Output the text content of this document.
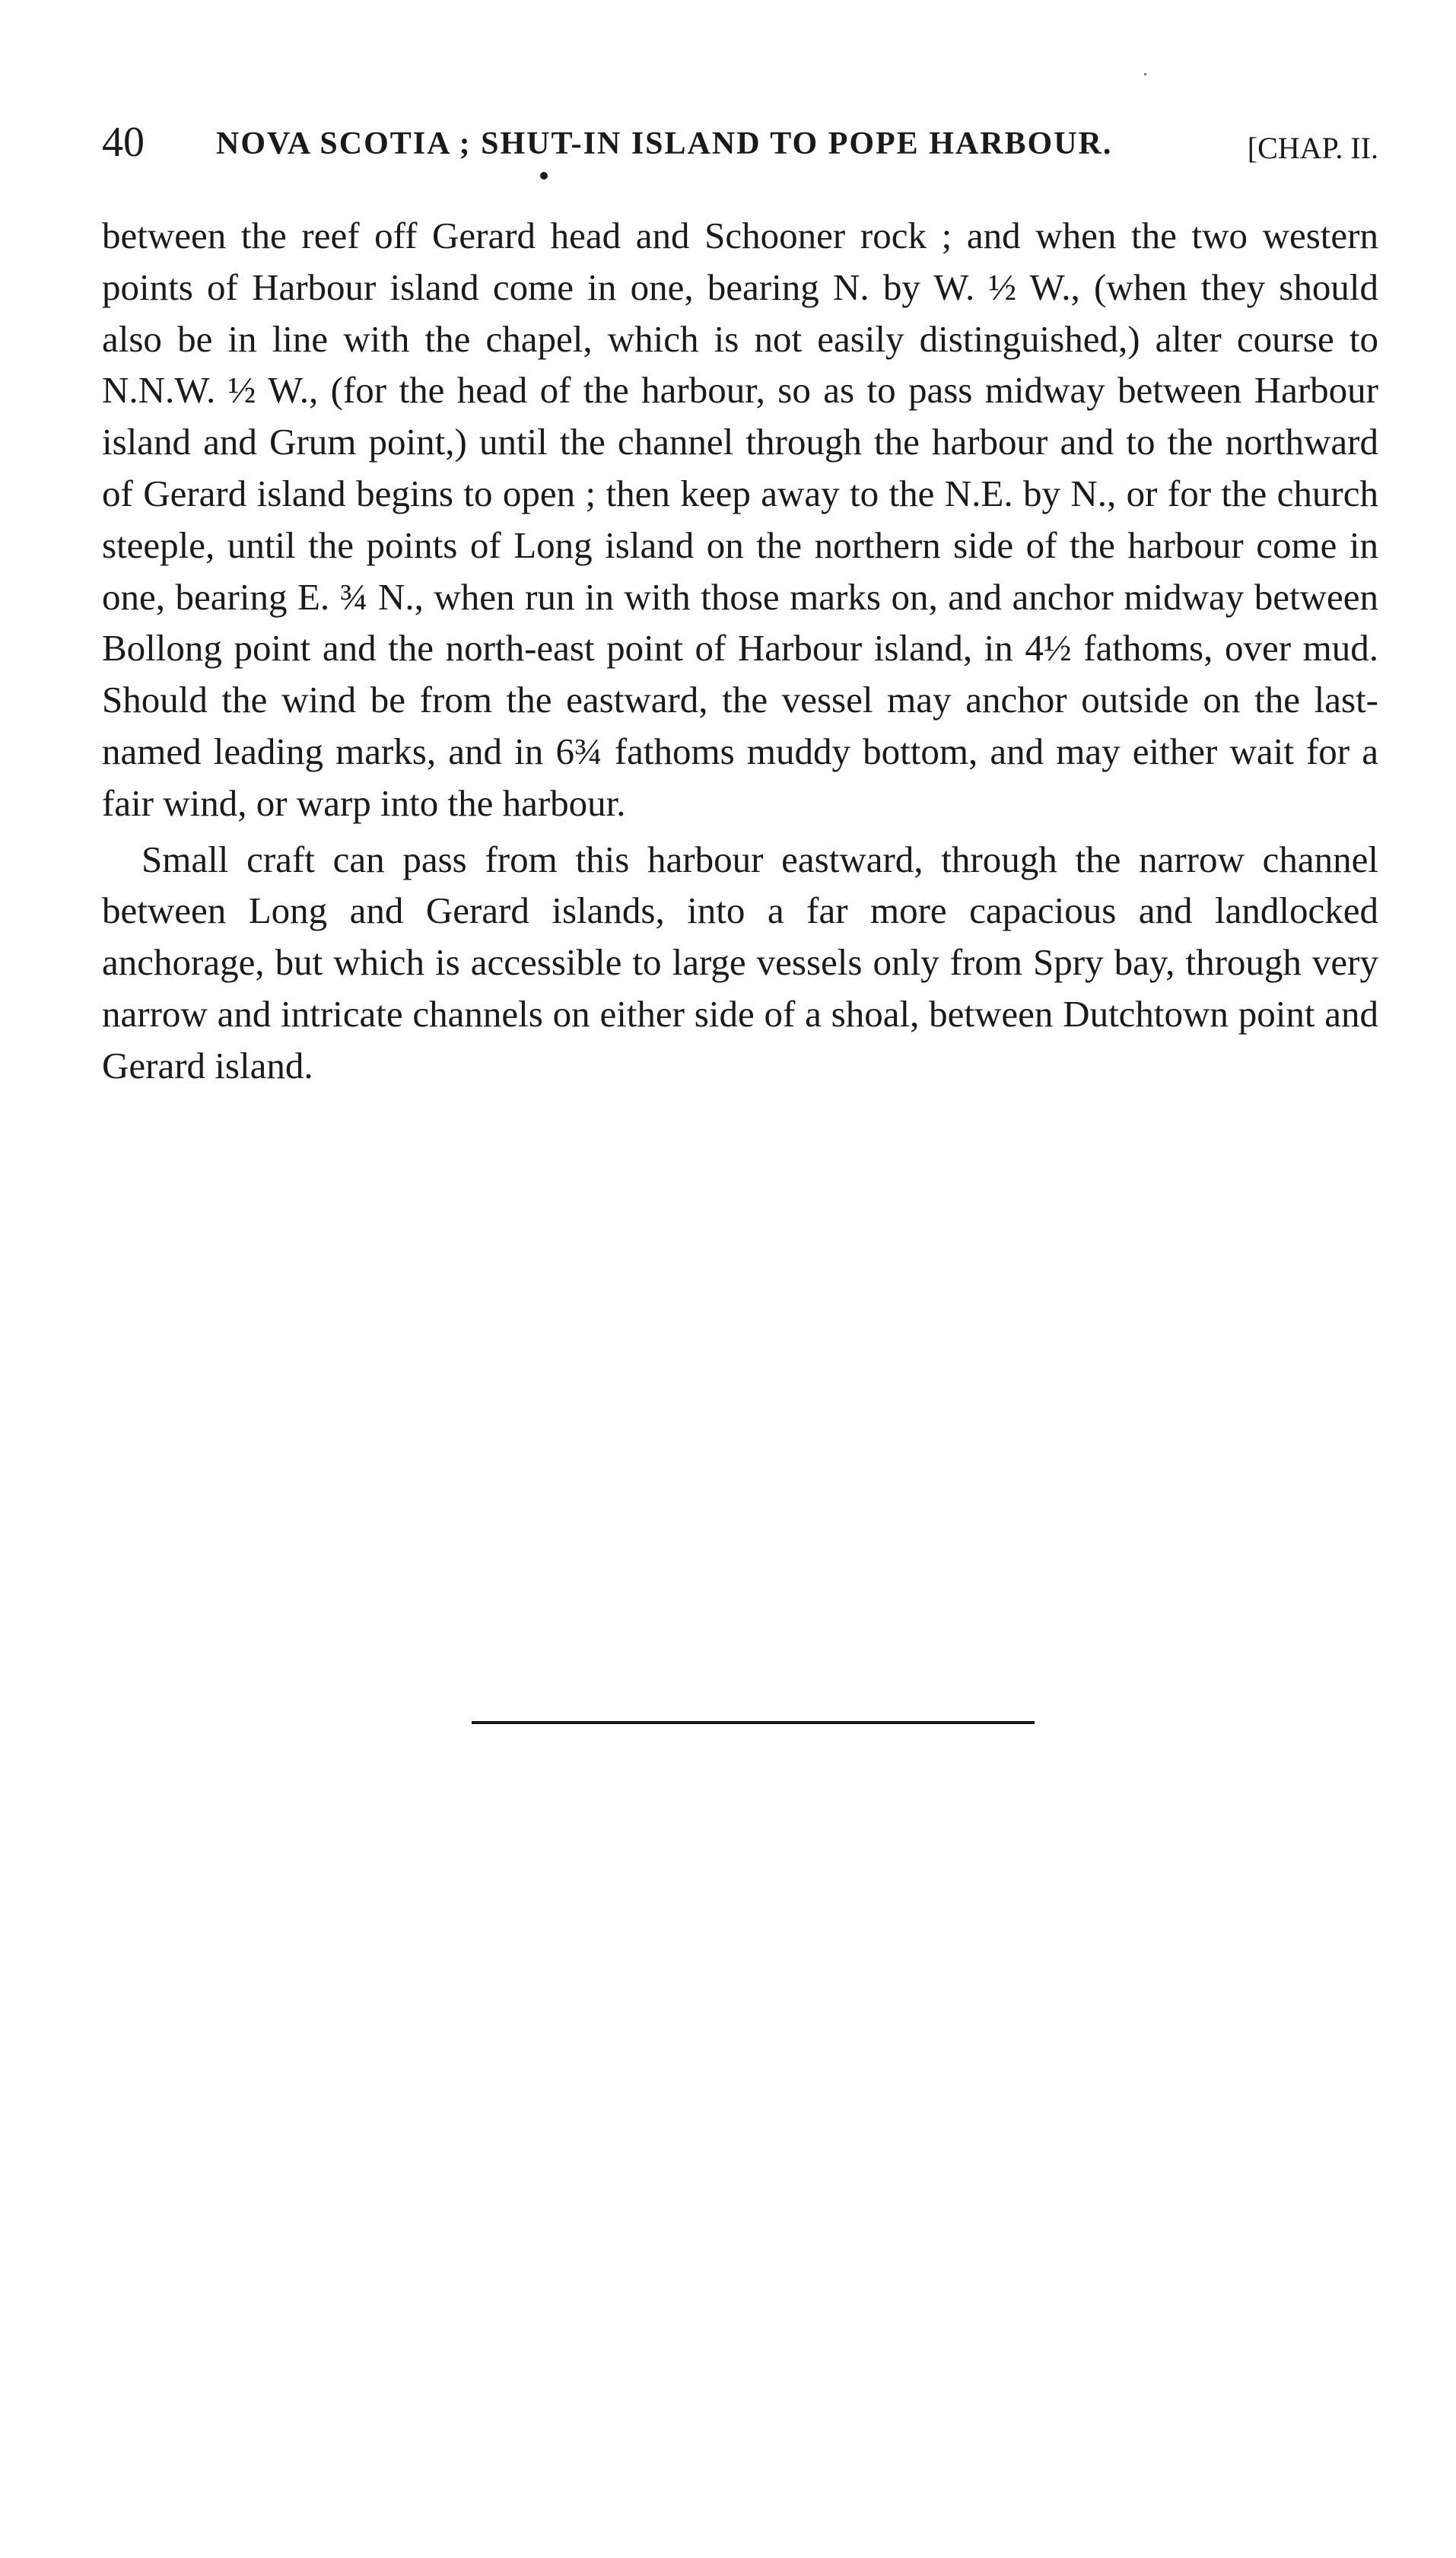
40 NOVA SCOTIA ; SHUT-IN ISLAND TO POPE HARBOUR.	[CHAP. II.

between the reef off Gerard head and Schooner rock ; and when the two western points of Harbour island come in one, bearing N. by W. ½ W., (when they should also be in line with the chapel, which is not easily distinguished,) alter course to N.N.W. ½ W., (for the head of the harbour, so as to pass midway between Harbour island and Grum point,) until the channel through the harbour and to the northward of Gerard island begins to open ; then keep away to the N.E. by N., or for the church steeple, until the points of Long island on the northern side of the harbour come in one, bearing E. ¾ N., when run in with those marks on, and anchor midway between Bollong point and the north-east point of Harbour island, in 4½ fathoms, over mud. Should the wind be from the eastward, the vessel may anchor outside on the last-named leading marks, and in 6¾ fathoms muddy bottom, and may either wait for a fair wind, or warp into the harbour.

Small craft can pass from this harbour eastward, through the narrow channel between Long and Gerard islands, into a far more capacious and landlocked anchorage, but which is accessible to large vessels only from Spry bay, through very narrow and intricate channels on either side of a shoal, between Dutchtown point and Gerard island.
